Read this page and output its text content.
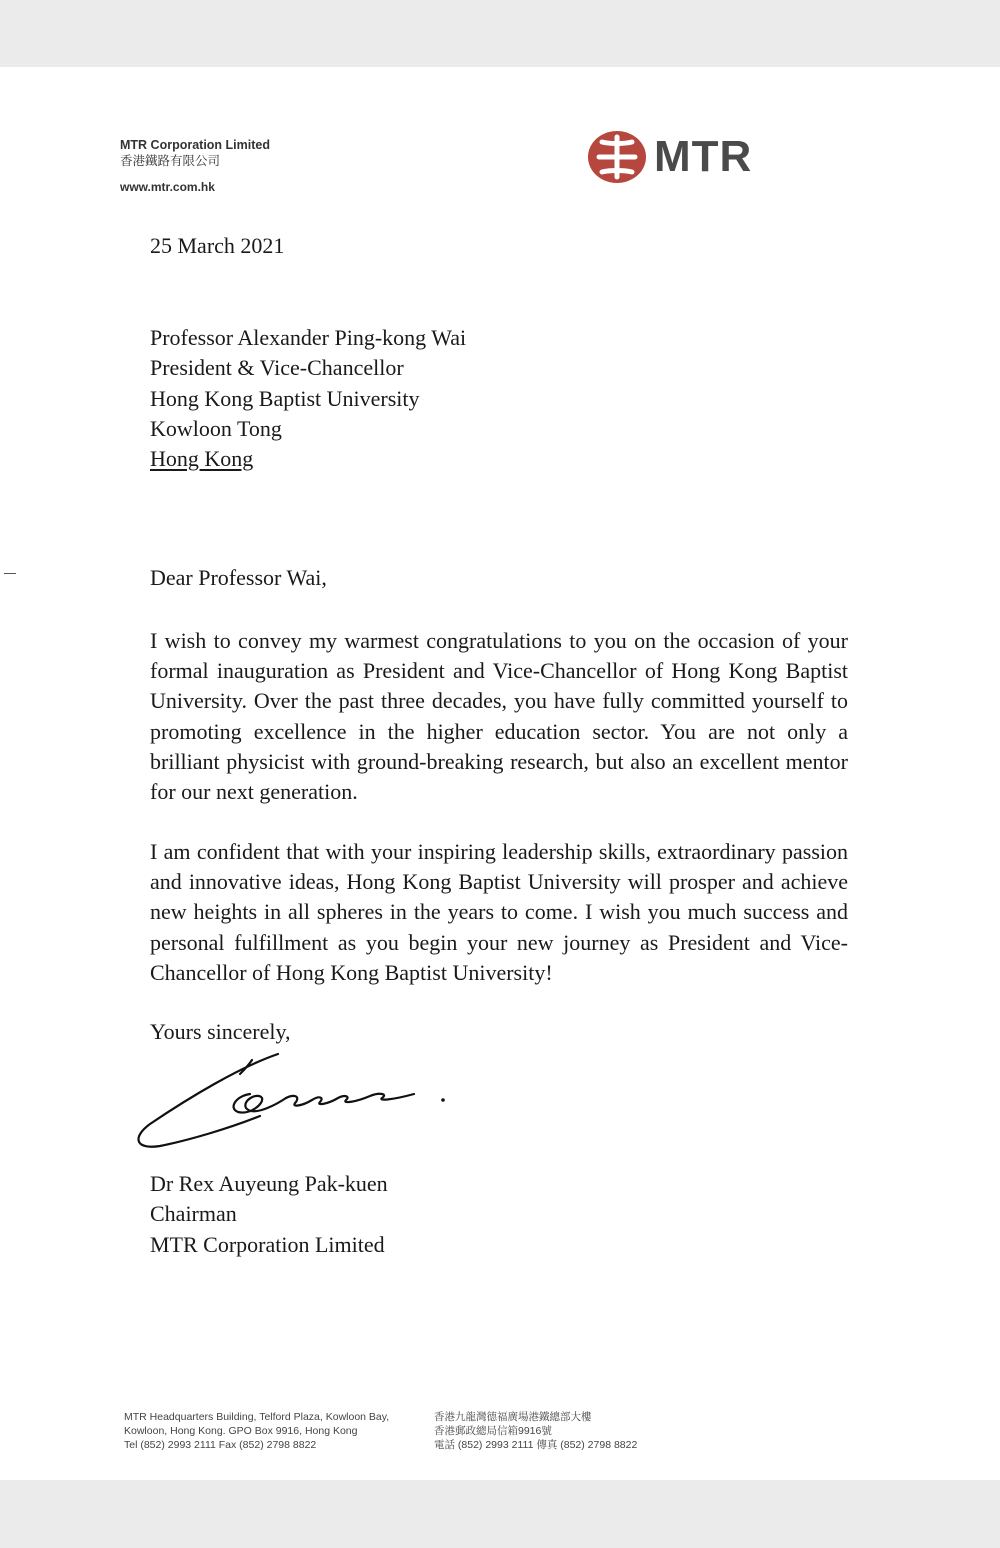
MTR Corporation Limited
香港鐵路有限公司
www.mtr.com.hk
MTR
25 March 2021
Professor Alexander Ping-kong Wai
President & Vice-Chancellor
Hong Kong Baptist University
Kowloon Tong
Hong Kong
Dear Professor Wai,

I wish to convey my warmest congratulations to you on the occasion of your formal inauguration as President and Vice-Chancellor of Hong Kong Baptist University. Over the past three decades, you have fully committed yourself to promoting excellence in the higher education sector. You are not only a brilliant physicist with ground-breaking research, but also an excellent mentor for our next generation.

I am confident that with your inspiring leadership skills, extraordinary passion and innovative ideas, Hong Kong Baptist University will prosper and achieve new heights in all spheres in the years to come. I wish you much success and personal fulfillment as you begin your new journey as President and Vice-Chancellor of Hong Kong Baptist University!

Yours sincerely,
Dr Rex Auyeung Pak-kuen
Chairman
MTR Corporation Limited
MTR Headquarters Building, Telford Plaza, Kowloon Bay,
Kowloon, Hong Kong. GPO Box 9916, Hong Kong
Tel (852) 2993 2111 Fax (852) 2798 8822
香港九龍灣德福廣場港鐵總部大樓
香港郵政總局信箱9916號
電話 (852) 2993 2111 傳真 (852) 2798 8822
